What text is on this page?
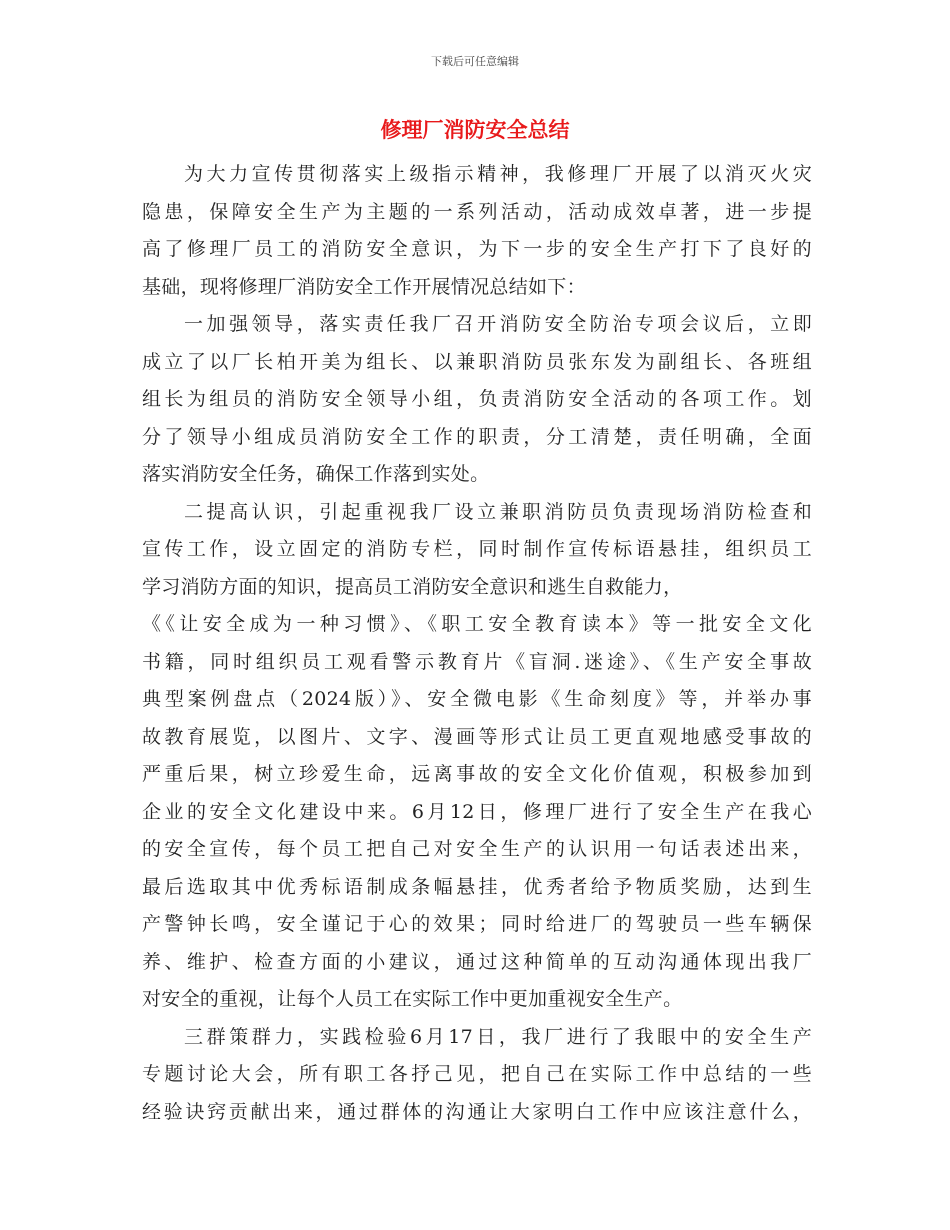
下载后可任意编辑
修理厂消防安全总结
为大力宣传贯彻落实上级指示精神，我修理厂开展了以消灭火灾
隐患，保障安全生产为主题的一系列活动，活动成效卓著，进一步提
高了修理厂员工的消防安全意识，为下一步的安全生产打下了良好的
基础，现将修理厂消防安全工作开展情况总结如下：
一加强领导，落实责任我厂召开消防安全防治专项会议后，立即
成立了以厂长柏开美为组长、以兼职消防员张东发为副组长、各班组
组长为组员的消防安全领导小组，负责消防安全活动的各项工作。划
分了领导小组成员消防安全工作的职责，分工清楚，责任明确，全面
落实消防安全任务，确保工作落到实处。
二提高认识，引起重视我厂设立兼职消防员负责现场消防检查和
宣传工作，设立固定的消防专栏，同时制作宣传标语悬挂，组织员工
学习消防方面的知识，提高员工消防安全意识和逃生自救能力，
《《让安全成为一种习惯》、《职工安全教育读本》等一批安全文化
书籍，同时组织员工观看警示教育片《盲洞.迷途》、《生产安全事故
典型案例盘点（2024版）》、安全微电影《生命刻度》等，并举办事
故教育展览，以图片、文字、漫画等形式让员工更直观地感受事故的
严重后果，树立珍爱生命，远离事故的安全文化价值观，积极参加到
企业的安全文化建设中来。6月12日，修理厂进行了安全生产在我心
的安全宣传，每个员工把自己对安全生产的认识用一句话表述出来，
最后选取其中优秀标语制成条幅悬挂，优秀者给予物质奖励，达到生
产警钟长鸣，安全谨记于心的效果；同时给进厂的驾驶员一些车辆保
养、维护、检查方面的小建议，通过这种简单的互动沟通体现出我厂
对安全的重视，让每个人员工在实际工作中更加重视安全生产。
三群策群力，实践检验6月17日，我厂进行了我眼中的安全生产
专题讨论大会，所有职工各抒己见，把自己在实际工作中总结的一些
经验诀窍贡献出来，通过群体的沟通让大家明白工作中应该注意什么，
